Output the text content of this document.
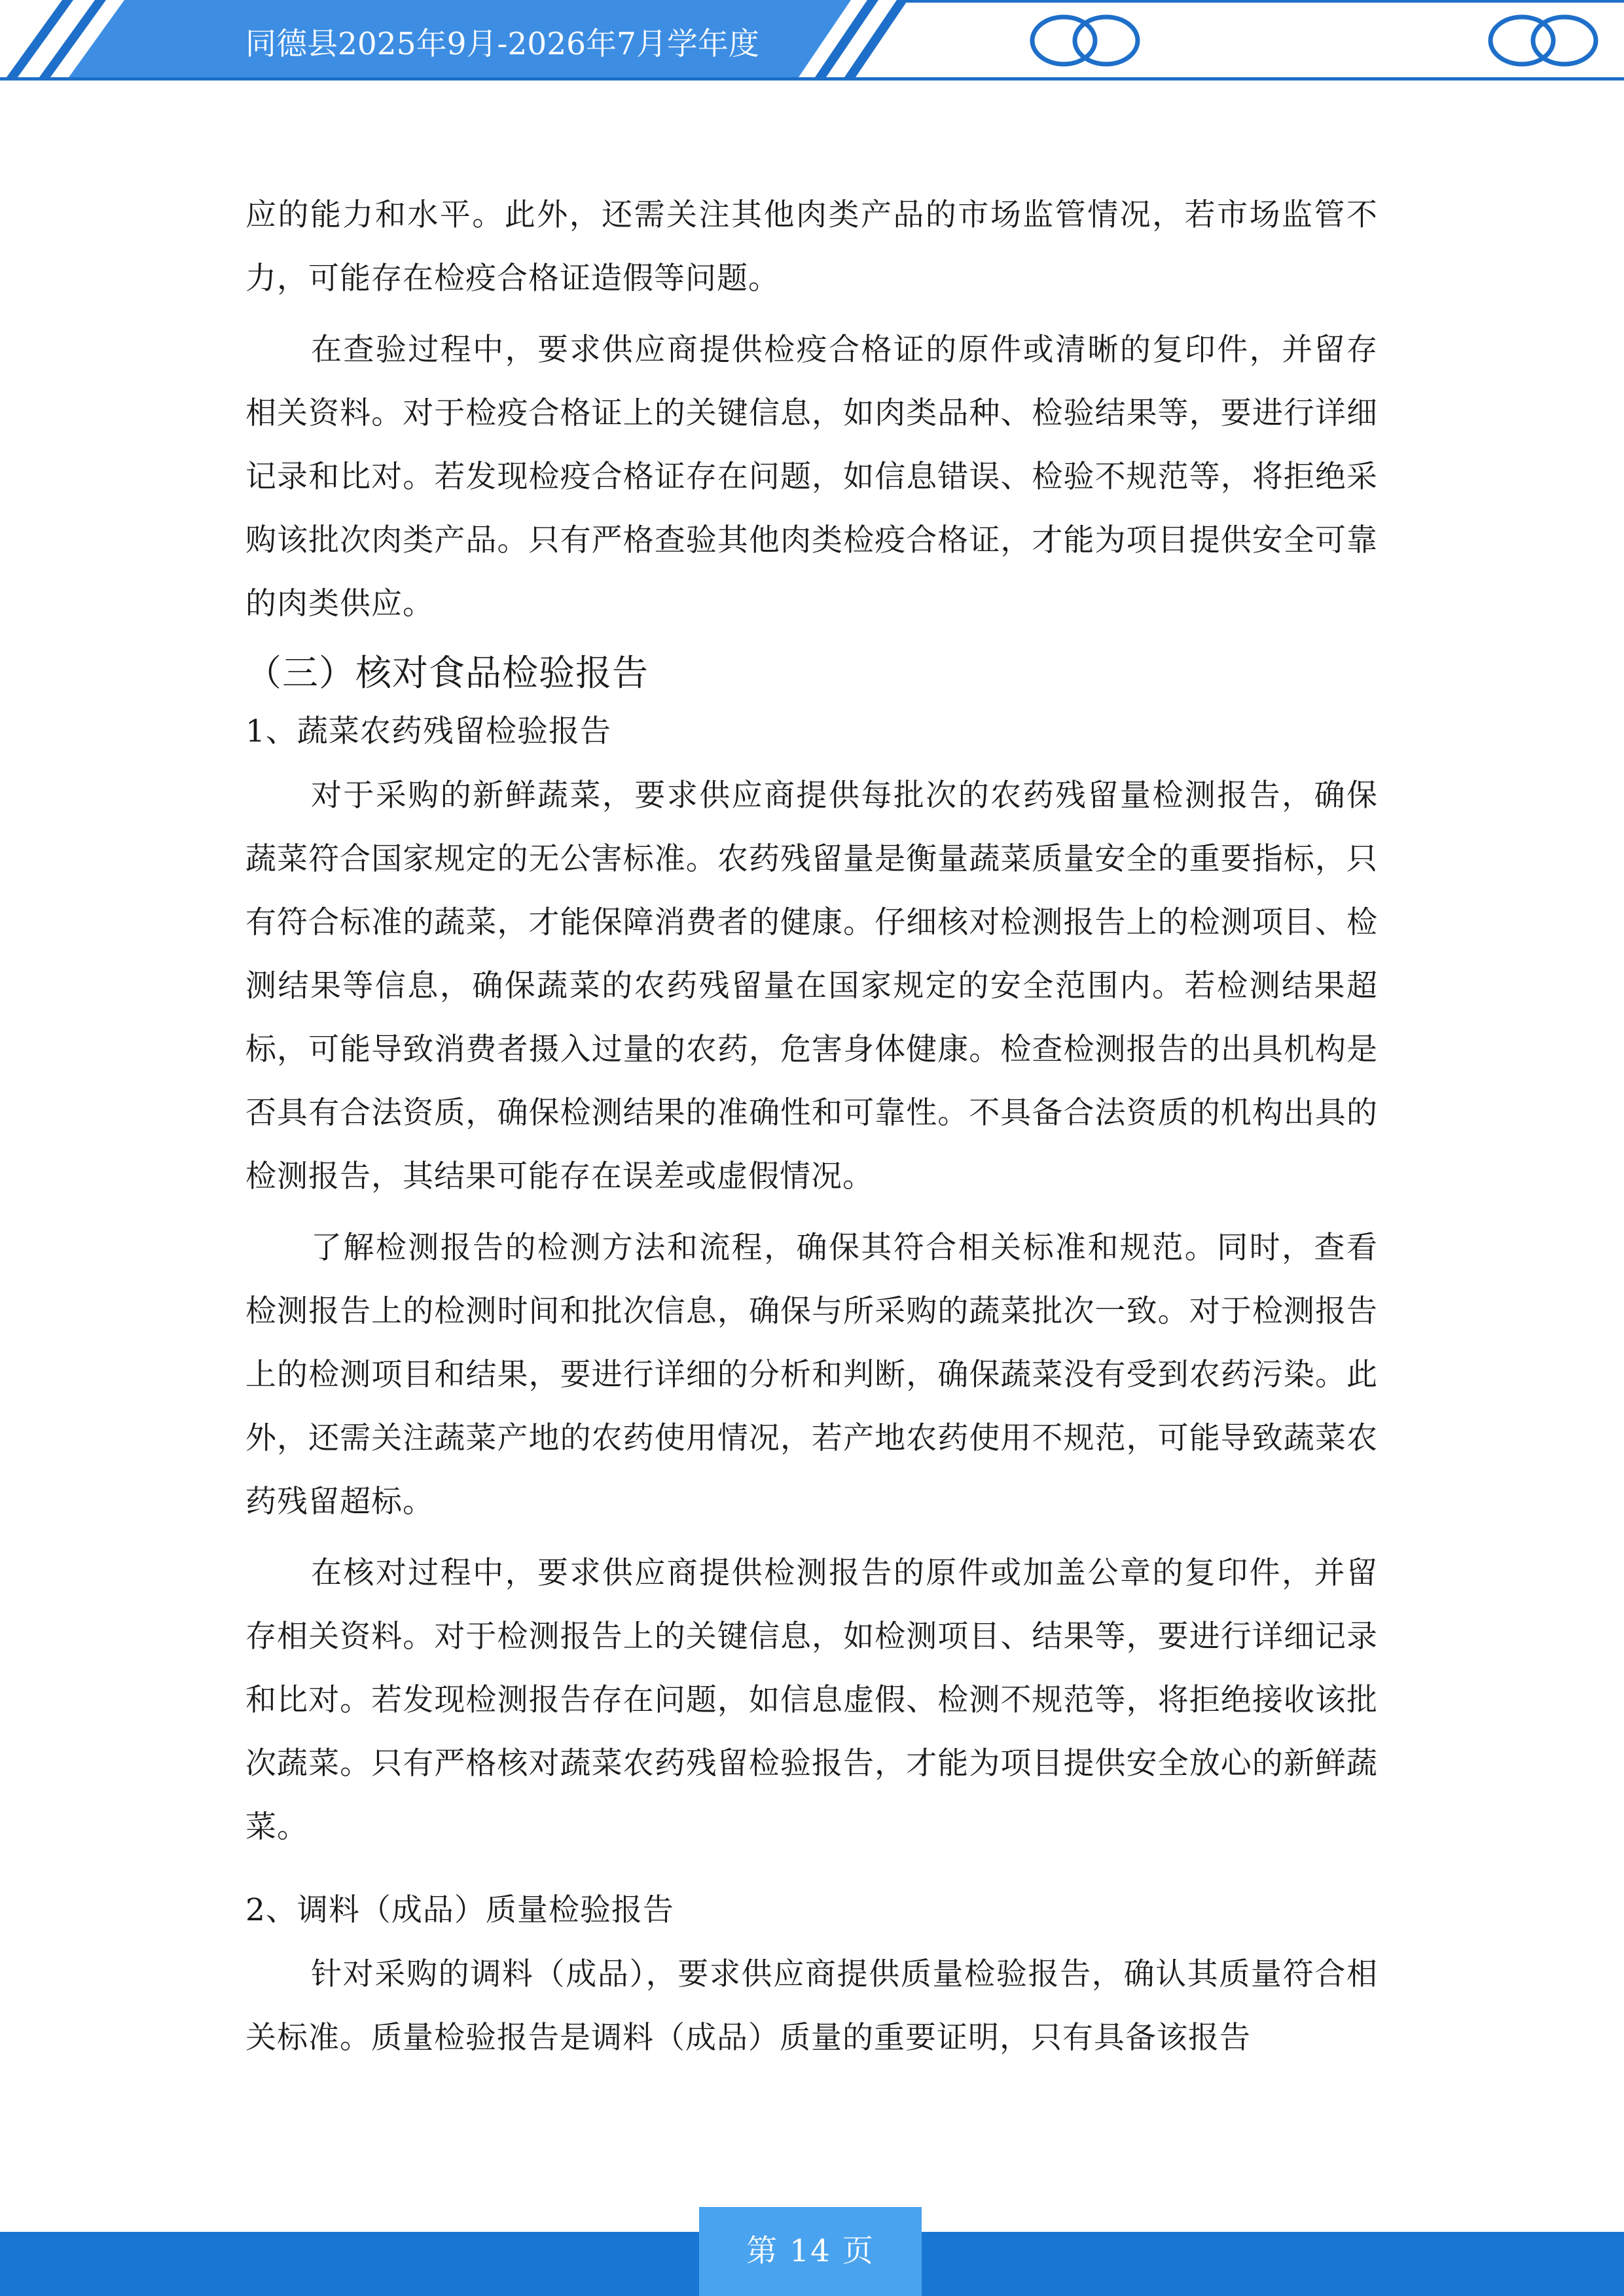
同德县2025年9月-2026年7月学年度

应的能力和水平。此外，还需关注其他肉类产品的市场监管情况，若市场监管不力，可能存在检疫合格证造假等问题。

在查验过程中，要求供应商提供检疫合格证的原件或清晰的复印件，并留存相关资料。对于检疫合格证上的关键信息，如肉类品种、检验结果等，要进行详细记录和比对。若发现检疫合格证存在问题，如信息错误、检验不规范等，将拒绝采购该批次肉类产品。只有严格查验其他肉类检疫合格证，才能为项目提供安全可靠的肉类供应。

（三）核对食品检验报告
1、蔬菜农药残留检验报告

对于采购的新鲜蔬菜，要求供应商提供每批次的农药残留量检测报告，确保蔬菜符合国家规定的无公害标准。农药残留量是衡量蔬菜质量安全的重要指标，只有符合标准的蔬菜，才能保障消费者的健康。仔细核对检测报告上的检测项目、检测结果等信息，确保蔬菜的农药残留量在国家规定的安全范围内。若检测结果超标，可能导致消费者摄入过量的农药，危害身体健康。检查检测报告的出具机构是否具有合法资质，确保检测结果的准确性和可靠性。不具备合法资质的机构出具的检测报告，其结果可能存在误差或虚假情况。

了解检测报告的检测方法和流程，确保其符合相关标准和规范。同时，查看检测报告上的检测时间和批次信息，确保与所采购的蔬菜批次一致。对于检测报告上的检测项目和结果，要进行详细的分析和判断，确保蔬菜没有受到农药污染。此外，还需关注蔬菜产地的农药使用情况，若产地农药使用不规范，可能导致蔬菜农药残留超标。

在核对过程中，要求供应商提供检测报告的原件或加盖公章的复印件，并留存相关资料。对于检测报告上的关键信息，如检测项目、结果等，要进行详细记录和比对。若发现检测报告存在问题，如信息虚假、检测不规范等，将拒绝接收该批次蔬菜。只有严格核对蔬菜农药残留检验报告，才能为项目提供安全放心的新鲜蔬菜。

2、调料（成品）质量检验报告

针对采购的调料（成品），要求供应商提供质量检验报告，确认其质量符合相关标准。质量检验报告是调料（成品）质量的重要证明，只有具备该报告

第 14 页
